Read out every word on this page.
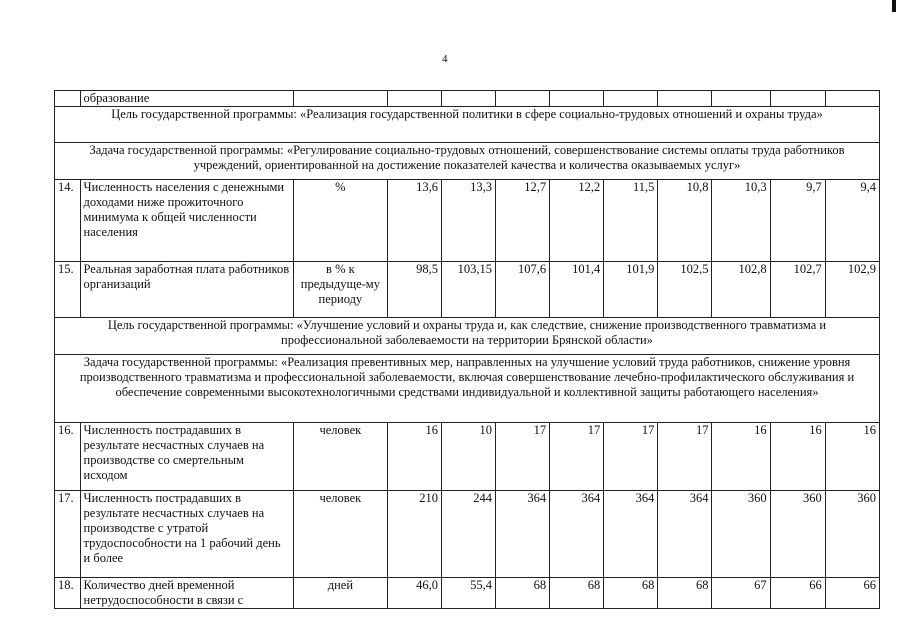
4
	образование										
Цель государственной программы: «Реализация государственной политики в сфере социально-трудовых отношений и охраны труда»											
Задача государственной программы: «Регулирование социально-трудовых отношений, совершенствование системы оплаты труда работников учреждений, ориентированной на достижение показателей качества и количества оказываемых услуг»											
14.	Численность населения с денежными доходами ниже прожиточного минимума к общей численности населения	%	13,6	13,3	12,7	12,2	11,5	10,8	10,3	9,7	9,4
15.	Реальная заработная плата работников организаций	в % к предыдуще-му периоду	98,5	103,15	107,6	101,4	101,9	102,5	102,8	102,7	102,9
Цель государственной программы: «Улучшение условий и охраны труда и, как следствие, снижение производственного травматизма и профессиональной заболеваемости на территории Брянской области»											
Задача государственной программы: «Реализация превентивных мер, направленных на улучшение условий труда работников, снижение уровня производственного травматизма и профессиональной заболеваемости, включая совершенствование лечебно-профилактического обслуживания и обеспечение современными высокотехнологичными средствами индивидуальной и коллективной защиты работающего населения»											
16.	Численность пострадавших в результате несчастных случаев на производстве со смертельным исходом	человек	16	10	17	17	17	17	16	16	16
17.	Численность пострадавших в результате несчастных случаев на производстве с утратой трудоспособности на 1 рабочий день и более	человек	210	244	364	364	364	364	360	360	360
18.	Количество дней временной нетрудоспособности в связи с	дней	46,0	55,4	68	68	68	68	67	66	66
